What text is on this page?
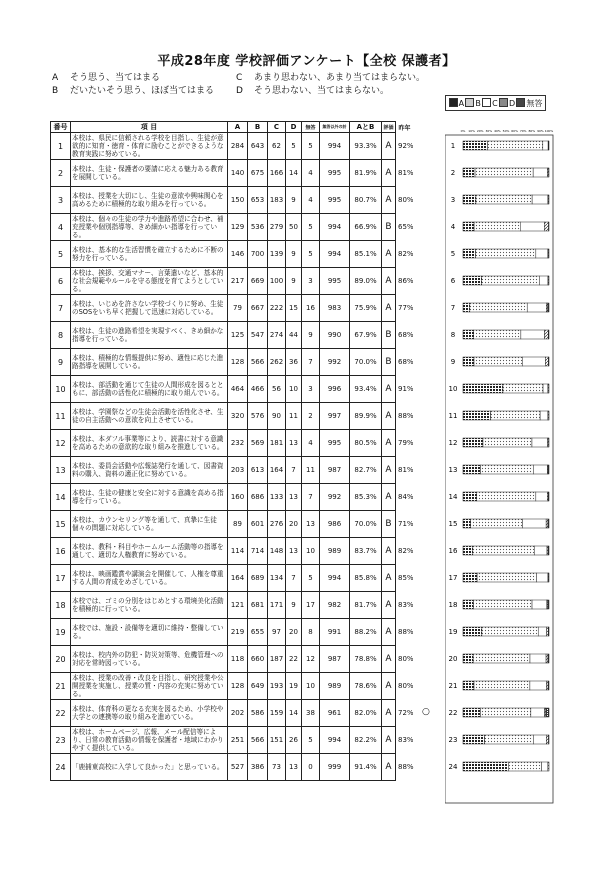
平成28年度 学校評価アンケート【全校 保護者】
A そう思う、当てはまる
B だいたいそう思う、ほぼ当てはまる
C あまり思わない、あまり当てはまらない。
D そう思わない、当てはまらない。
A	B	C	D	無答
番号	項 目	A	B	C	D	無答	無答以外の計	AとB	評価	昨年
1	本校は、県民に信頼される学校を目指し、生徒が意欲的に知育・徳育・体育に励むことができるような教育実践に努めている。	284	643	62	5	5	994	93.3%	A	92%
2	本校は、生徒・保護者の要請に応える魅力ある教育を展開している。	140	675	166	14	4	995	81.9%	A	81%
3	本校は、授業を大切にし、生徒の意欲や興味関心を高めるために積極的な取り組みを行っている。	150	653	183	9	4	995	80.7%	A	80%
4	本校は、個々の生徒の学力や進路希望に合わせ、補充授業や個別指導等、きめ細かい指導を行っている。	129	536	279	50	5	994	66.9%	B	65%
5	本校は、基本的な生活習慣を確立するために不断の努力を行っている。	146	700	139	9	5	994	85.1%	A	82%
6	本校は、挨拶、交通マナー、言葉遣いなど、基本的な社会規範やルールを守る態度を育てようとしている。	217	669	100	9	3	995	89.0%	A	86%
7	本校は、いじめを許さない学校づくりに努め、生徒のSOSをいち早く把握して迅速に対応している。	79	667	222	15	16	983	75.9%	A	77%
8	本校は、生徒の進路希望を実現すべく、きめ細かな指導を行っている。	125	547	274	44	9	990	67.9%	B	68%
9	本校は、積極的な情報提供に努め、適性に応じた進路指導を展開している。	128	566	262	36	7	992	70.0%	B	68%
10	本校は、部活動を通じて生徒の人間形成を図るとともに、部活動の活性化に積極的に取り組んでいる。	464	466	56	10	3	996	93.4%	A	91%
11	本校は、学園祭などの生徒会活動を活性化させ、生徒の自主活動への意欲を向上させている。	320	576	90	11	2	997	89.9%	A	88%
12	本校は、本ダフル事業等により、読書に対する意識を高めるための意欲的な取り組みを推進している。	232	569	181	13	4	995	80.5%	A	79%
13	本校は、委員会活動や広報誌発行を通して、図書資料の購入、資料の適正化に努めている。	203	613	164	7	11	987	82.7%	A	81%
14	本校は、生徒の健康と安全に対する意識を高める指導を行っている。	160	686	133	13	7	992	85.3%	A	84%
15	本校は、カウンセリング等を通して、真摯に生徒個々の問題に対応している。	89	601	276	20	13	986	70.0%	B	71%
16	本校は、教科・科目やホームルーム活動等の指導を通して、適切な人権教育に努めている。	114	714	148	13	10	989	83.7%	A	82%
17	本校は、映画鑑賞や講演会を開催して、人権を尊重する人間の育成をめざしている。	164	689	134	7	5	994	85.8%	A	85%
18	本校では、ゴミの分別をはじめとする環境美化活動を積極的に行っている。	121	681	171	9	17	982	81.7%	A	83%
19	本校では、施設・設備等を適切に維持・整備している。	219	655	97	20	8	991	88.2%	A	88%
20	本校は、校内外の防犯・防災対策等、危機管理への対応を常時図っている。	118	660	187	22	12	987	78.8%	A	80%
21	本校は、授業の改善・改良を目指し、研究授業や公開授業を実施し、授業の質・内容の充実に努めている。	128	649	193	19	10	989	78.6%	A	80%
22	本校は、体育科の更なる充実を図るため、小学校や大学との連携等の取り組みを進めている。	202	586	159	14	38	961	82.0%	A	72%
23	本校は、ホームページ、広報、メール配信等により、日常の教育活動の情報を保護者・地域にわかりやすく提供している。	251	566	151	26	5	994	82.2%	A	83%
24	「鹿捕東高校に入学して良かった」と思っている。	527	386	73	13	0	999	91.4%	A	88%
0% 10% 20% 30% 40% 50% 60% 70% 80% 90% 100%
1
2
3
4
5
6
7
8
9
10
11
12
13
14
15
16
17
18
19
20
21
22
23
24
○
